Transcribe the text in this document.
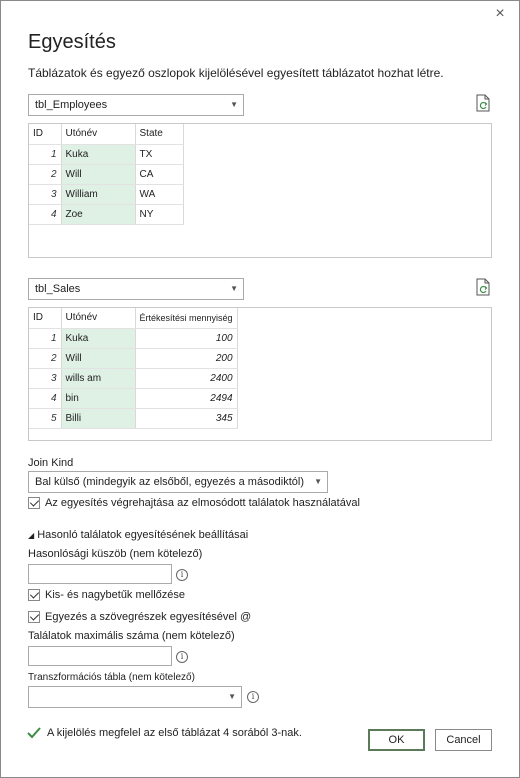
×
Egyesítés
Táblázatok és egyező oszlopok kijelölésével egyesített táblázatot hozhat létre.
tbl_Employees	▼
ID	Utónév	State
1	Kuka	TX
2	Will	CA
3	William	WA
4	Zoe	NY
tbl_Sales	▼
ID	Utónév	Értékesítési mennyiség
1	Kuka	100
2	Will	200
3	wills am	2400
4	bin	2494
5	Billi	345
Join Kind
Bal külső (mindegyik az elsőből, egyezés a másodiktól) ▼
Az egyesítés végrehajtása az elmosódott találatok használatával
◢ Hasonló találatok egyesítésének beállításai
Hasonlósági küszöb (nem kötelező)
i
Kis- és nagybetűk mellőzése
Egyezés a szövegrészek egyesítésével @
Találatok maximális száma (nem kötelező)
i
Transzformációs tábla (nem kötelező)
▼	i
A kijelölés megfelel az első táblázat 4 sorából 3-nak.
OK	Cancel
